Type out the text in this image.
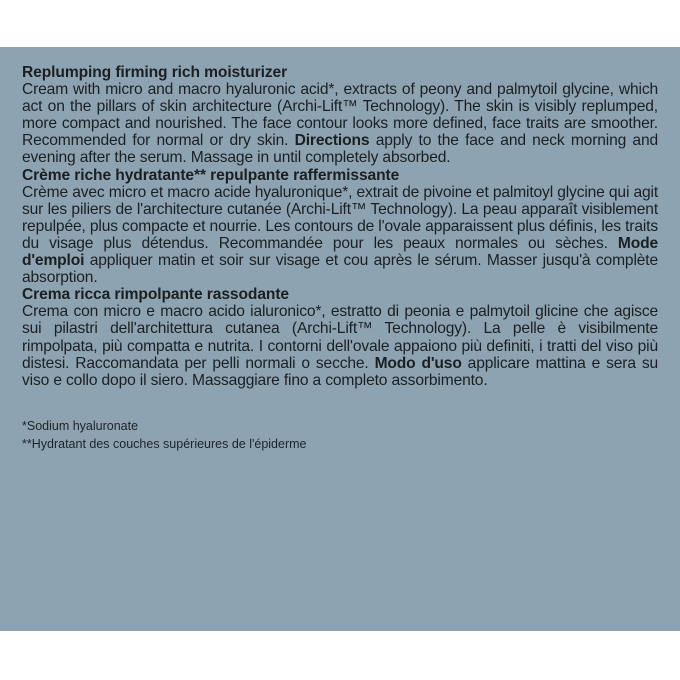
Replumping firming rich moisturizer

Cream with micro and macro hyaluronic acid*, extracts of peony and palmytoil glycine, which act on the pillars of skin architecture (Archi-Lift™ Technology). The skin is visibly replumped, more compact and nourished. The face contour looks more defined, face traits are smoother. Recommended for normal or dry skin. Directions apply to the face and neck morning and evening after the serum. Massage in until completely absorbed.

Crème riche hydratante** repulpante raffermissante

Crème avec micro et macro acide hyaluronique*, extrait de pivoine et palmitoyl glycine qui agit sur les piliers de l'architecture cutanée (Archi-Lift™ Technology). La peau apparaît visiblement repulpée, plus compacte et nourrie. Les contours de l'ovale apparaissent plus définis, les traits du visage plus détendus. Recommandée pour les peaux normales ou sèches. Mode d'emploi appliquer matin et soir sur visage et cou après le sérum. Masser jusqu'à complète absorption.

Crema ricca rimpolpante rassodante

Crema con micro e macro acido ialuronico*, estratto di peonia e palmytoil glicine che agisce sui pilastri dell'architettura cutanea (Archi-Lift™ Technology). La pelle è visibilmente rimpolpata, più compatta e nutrita. I contorni dell'ovale appaiono più definiti, i tratti del viso più distesi. Raccomandata per pelli normali o secche. Modo d'uso applicare mattina e sera su viso e collo dopo il siero. Massaggiare fino a completo assorbimento.

*Sodium hyaluronate
**Hydratant des couches supérieures de l'épiderme
